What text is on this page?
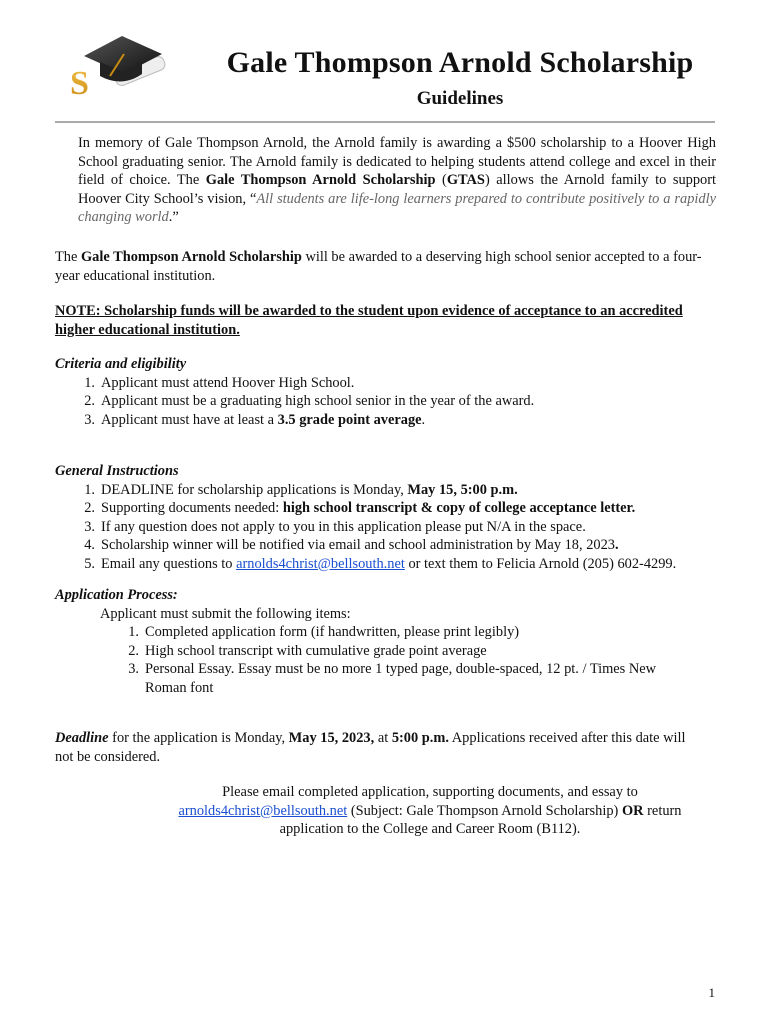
S
Gale Thompson Arnold Scholarship
Guidelines
In memory of Gale Thompson Arnold, the Arnold family is awarding a $500 scholarship to a Hoover High School graduating senior. The Arnold family is dedicated to helping students attend college and excel in their field of choice. The Gale Thompson Arnold Scholarship (GTAS) allows the Arnold family to support Hoover City School’s vision, “All students are life-long learners prepared to contribute positively to a rapidly changing world.”
The Gale Thompson Arnold Scholarship will be awarded to a deserving high school senior accepted to a four-year educational institution.
NOTE: Scholarship funds will be awarded to the student upon evidence of acceptance to an accredited higher educational institution.
Criteria and eligibility
1. Applicant must attend Hoover High School.
2. Applicant must be a graduating high school senior in the year of the award.
3. Applicant must have at least a 3.5 grade point average.
General Instructions
1. DEADLINE for scholarship applications is Monday, May 15, 5:00 p.m.
2. Supporting documents needed: high school transcript & copy of college acceptance letter.
3. If any question does not apply to you in this application please put N/A in the space.
4. Scholarship winner will be notified via email and school administration by May 18, 2023.
5. Email any questions to arnolds4christ@bellsouth.net or text them to Felicia Arnold (205) 602-4299.
Application Process:
Applicant must submit the following items:
1. Completed application form (if handwritten, please print legibly)
2. High school transcript with cumulative grade point average
3. Personal Essay. Essay must be no more 1 typed page, double-spaced, 12 pt. / Times New Roman font
Deadline for the application is Monday, May 15, 2023, at 5:00 p.m. Applications received after this date will not be considered.
Please email completed application, supporting documents, and essay to
arnolds4christ@bellsouth.net (Subject: Gale Thompson Arnold Scholarship) OR return application to the College and Career Room (B112).
1
